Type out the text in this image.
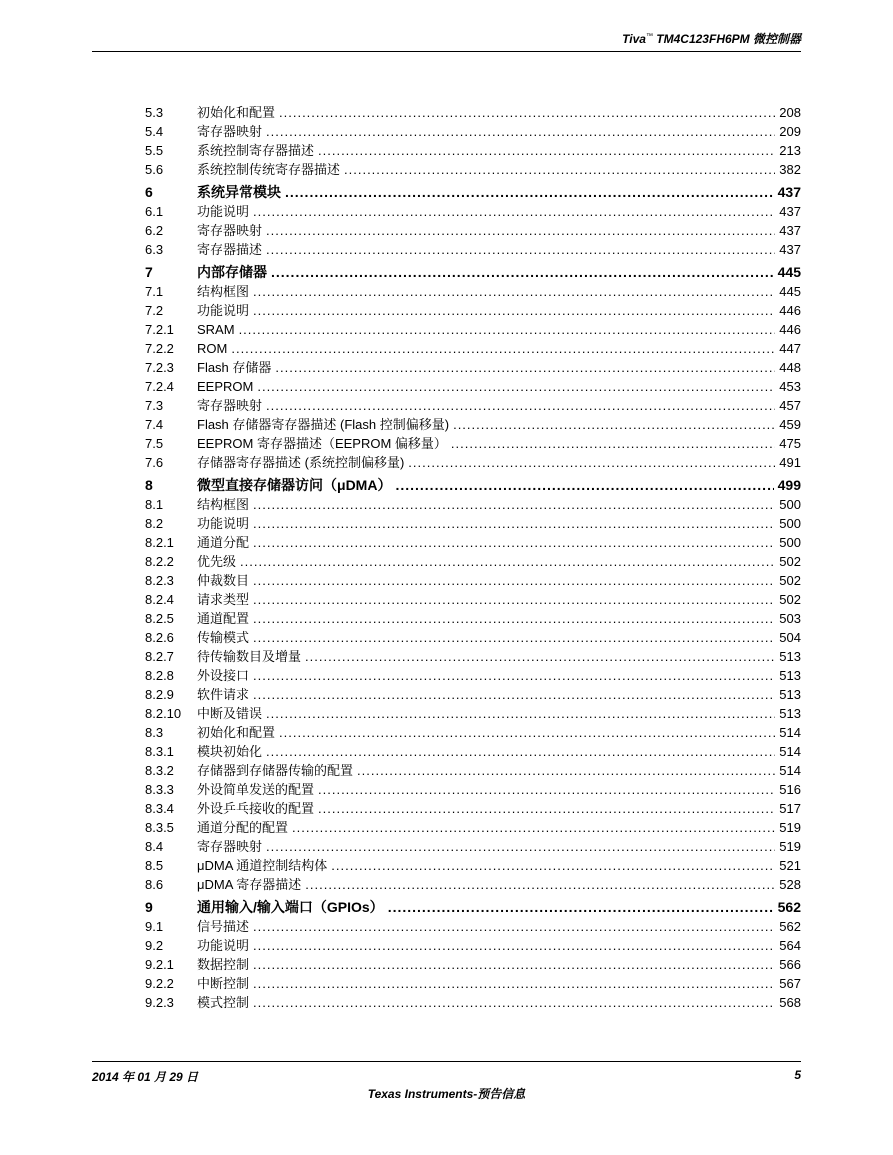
Tiva™ TM4C123FH6PM 微控制器
5.3	初始化和配置 .....	208
5.4	寄存器映射 .....	209
5.5	系统控制寄存器描述 .....	213
5.6	系统控制传统寄存器描述 .....	382
6	系统异常模块 .....	437
6.1	功能说明 .....	437
6.2	寄存器映射 .....	437
6.3	寄存器描述 .....	437
7	内部存储器 .....	445
7.1	结构框图 .....	445
7.2	功能说明 .....	446
7.2.1	SRAM .....	446
7.2.2	ROM .....	447
7.2.3	Flash 存储器 .....	448
7.2.4	EEPROM .....	453
7.3	寄存器映射 .....	457
7.4	Flash 存储器寄存器描述 (Flash 控制偏移量) .....	459
7.5	EEPROM 寄存器描述（EEPROM 偏移量） .....	475
7.6	存储器寄存器描述 (系统控制偏移量) .....	491
8	微型直接存储器访问（μDMA） .....	499
8.1	结构框图 .....	500
8.2	功能说明 .....	500
8.2.1	通道分配 .....	500
8.2.2	优先级 .....	502
8.2.3	仲裁数目 .....	502
8.2.4	请求类型 .....	502
8.2.5	通道配置 .....	503
8.2.6	传输模式 .....	504
8.2.7	待传输数目及增量 .....	513
8.2.8	外设接口 .....	513
8.2.9	软件请求 .....	513
8.2.10	中断及错误 .....	513
8.3	初始化和配置 .....	514
8.3.1	模块初始化 .....	514
8.3.2	存储器到存储器传输的配置 .....	514
8.3.3	外设简单发送的配置 .....	516
8.3.4	外设乒乓接收的配置 .....	517
8.3.5	通道分配的配置 .....	519
8.4	寄存器映射 .....	519
8.5	μDMA 通道控制结构体 .....	521
8.6	μDMA 寄存器描述 .....	528
9	通用输入/输入端口（GPIOs） .....	562
9.1	信号描述 .....	562
9.2	功能说明 .....	564
9.2.1	数据控制 .....	566
9.2.2	中断控制 .....	567
9.2.3	模式控制 .....	568
2014 年 01 月 29 日	5
Texas Instruments-预告信息
